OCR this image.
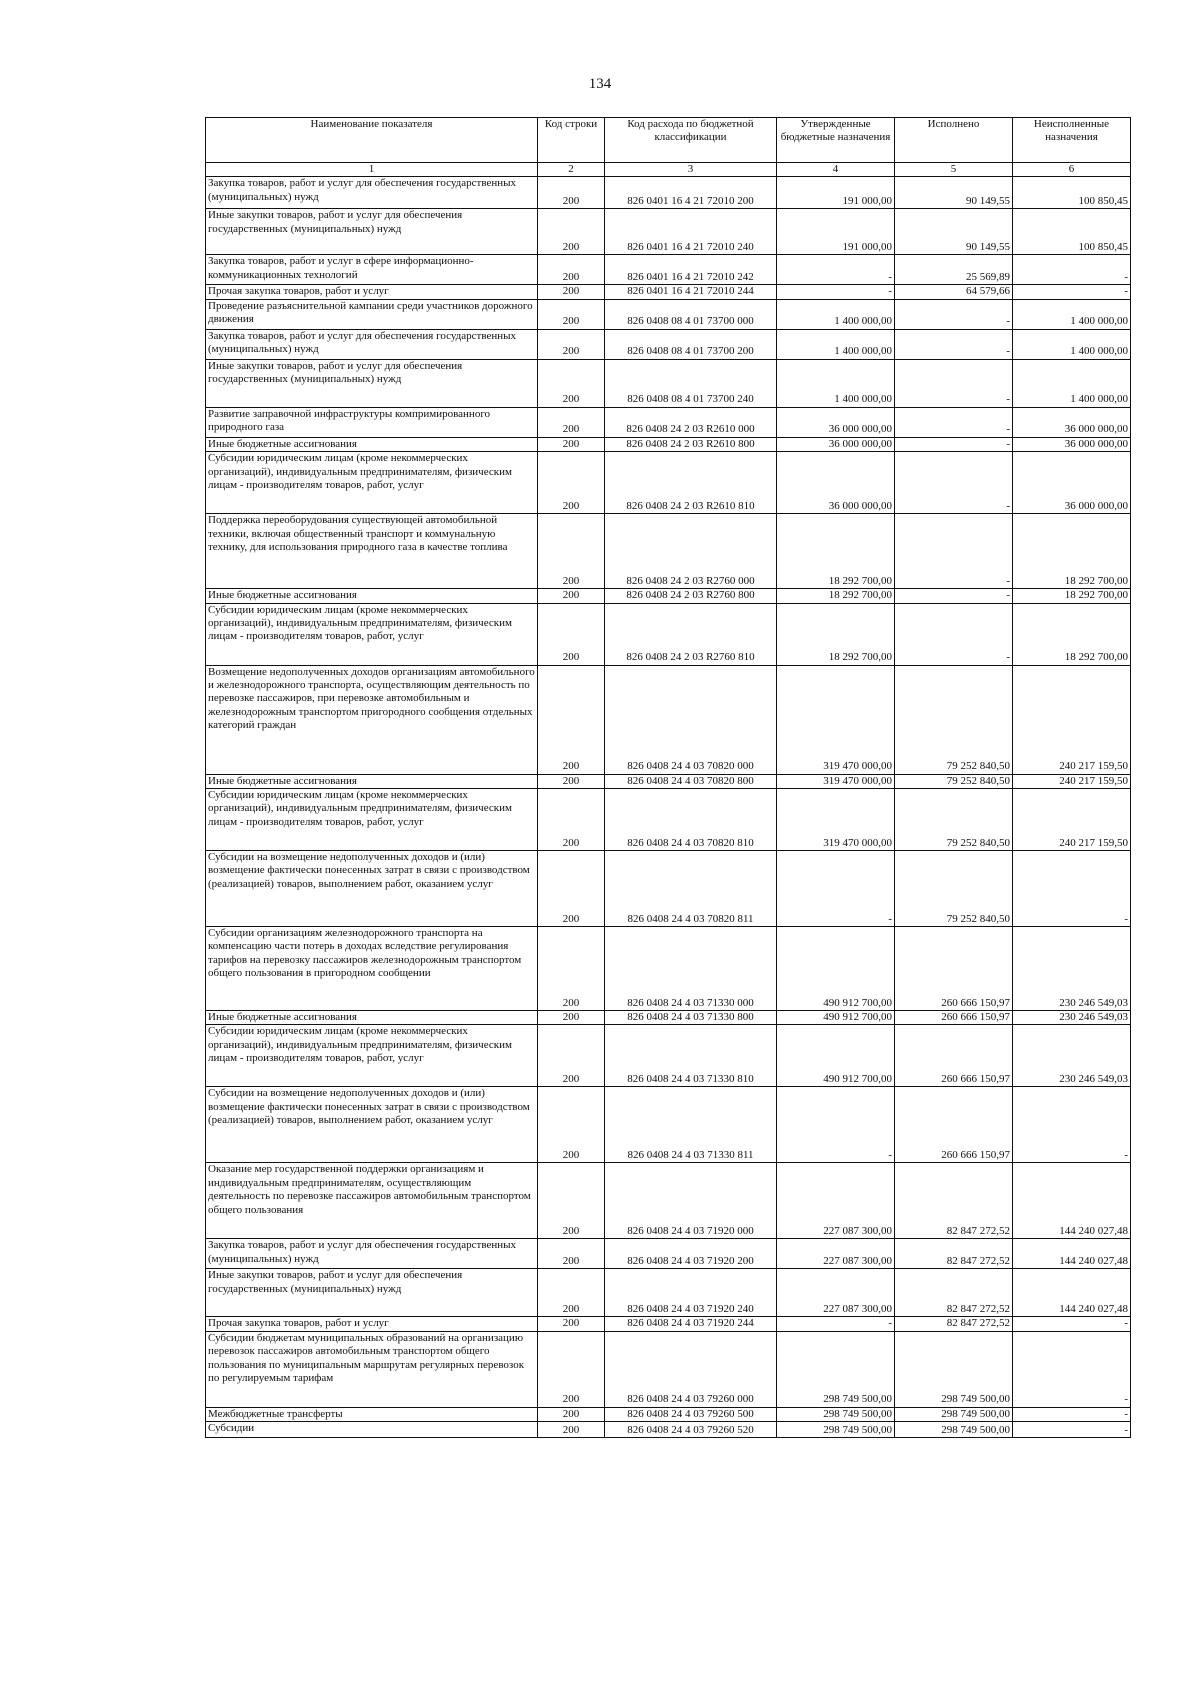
134
Наименование показателя	Код строки	Код расхода по бюджетной классификации	Утвержденные бюджетные назначения	Исполнено	Неисполненные назначения
1	2	3	4	5	6
Закупка товаров, работ и услуг для обеспечения государственных (муниципальных) нужд	200	826 0401 16 4 21 72010 200	191 000,00	90 149,55	100 850,45
Иные закупки товаров, работ и услуг для обеспечения государственных (муниципальных) нужд	200	826 0401 16 4 21 72010 240	191 000,00	90 149,55	100 850,45
Закупка товаров, работ и услуг в сфере информационно-коммуникационных технологий	200	826 0401 16 4 21 72010 242	-	25 569,89	-
Прочая закупка товаров, работ и услуг	200	826 0401 16 4 21 72010 244	-	64 579,66	-
Проведение разъяснительной кампании среди участников дорожного движения	200	826 0408 08 4 01 73700 000	1 400 000,00	-	1 400 000,00
Закупка товаров, работ и услуг для обеспечения государственных (муниципальных) нужд	200	826 0408 08 4 01 73700 200	1 400 000,00	-	1 400 000,00
Иные закупки товаров, работ и услуг для обеспечения государственных (муниципальных) нужд	200	826 0408 08 4 01 73700 240	1 400 000,00	-	1 400 000,00
Развитие заправочной инфраструктуры компримированного природного газа	200	826 0408 24 2 03 R2610 000	36 000 000,00	-	36 000 000,00
Иные бюджетные ассигнования	200	826 0408 24 2 03 R2610 800	36 000 000,00	-	36 000 000,00
Субсидии юридическим лицам (кроме некоммерческих организаций), индивидуальным предпринимателям, физическим лицам - производителям товаров, работ, услуг	200	826 0408 24 2 03 R2610 810	36 000 000,00	-	36 000 000,00
Поддержка переоборудования существующей автомобильной техники, включая общественный транспорт и коммунальную технику, для использования природного газа в качестве топлива	200	826 0408 24 2 03 R2760 000	18 292 700,00	-	18 292 700,00
Иные бюджетные ассигнования	200	826 0408 24 2 03 R2760 800	18 292 700,00	-	18 292 700,00
Субсидии юридическим лицам (кроме некоммерческих организаций), индивидуальным предпринимателям, физическим лицам - производителям товаров, работ, услуг	200	826 0408 24 2 03 R2760 810	18 292 700,00	-	18 292 700,00
Возмещение недополученных доходов организациям автомобильного и железнодорожного транспорта, осуществляющим деятельность по перевозке пассажиров, при перевозке автомобильным и железнодорожным транспортом пригородного сообщения отдельных категорий граждан	200	826 0408 24 4 03 70820 000	319 470 000,00	79 252 840,50	240 217 159,50
Иные бюджетные ассигнования	200	826 0408 24 4 03 70820 800	319 470 000,00	79 252 840,50	240 217 159,50
Субсидии юридическим лицам (кроме некоммерческих организаций), индивидуальным предпринимателям, физическим лицам - производителям товаров, работ, услуг	200	826 0408 24 4 03 70820 810	319 470 000,00	79 252 840,50	240 217 159,50
Субсидии на возмещение недополученных доходов и (или) возмещение фактически понесенных затрат в связи с производством (реализацией) товаров, выполнением работ, оказанием услуг	200	826 0408 24 4 03 70820 811	-	79 252 840,50	-
Субсидии организациям железнодорожного транспорта на компенсацию части потерь в доходах вследствие регулирования тарифов на перевозку пассажиров железнодорожным транспортом общего пользования в пригородном сообщении	200	826 0408 24 4 03 71330 000	490 912 700,00	260 666 150,97	230 246 549,03
Иные бюджетные ассигнования	200	826 0408 24 4 03 71330 800	490 912 700,00	260 666 150,97	230 246 549,03
Субсидии юридическим лицам (кроме некоммерческих организаций), индивидуальным предпринимателям, физическим лицам - производителям товаров, работ, услуг	200	826 0408 24 4 03 71330 810	490 912 700,00	260 666 150,97	230 246 549,03
Субсидии на возмещение недополученных доходов и (или) возмещение фактически понесенных затрат в связи с производством (реализацией) товаров, выполнением работ, оказанием услуг	200	826 0408 24 4 03 71330 811	-	260 666 150,97	-
Оказание мер государственной поддержки организациям и индивидуальным предпринимателям, осуществляющим деятельность по перевозке пассажиров автомобильным транспортом общего пользования	200	826 0408 24 4 03 71920 000	227 087 300,00	82 847 272,52	144 240 027,48
Закупка товаров, работ и услуг для обеспечения государственных (муниципальных) нужд	200	826 0408 24 4 03 71920 200	227 087 300,00	82 847 272,52	144 240 027,48
Иные закупки товаров, работ и услуг для обеспечения государственных (муниципальных) нужд	200	826 0408 24 4 03 71920 240	227 087 300,00	82 847 272,52	144 240 027,48
Прочая закупка товаров, работ и услуг	200	826 0408 24 4 03 71920 244	-	82 847 272,52	-
Субсидии бюджетам муниципальных образований на организацию перевозок пассажиров автомобильным транспортом общего пользования по муниципальным маршрутам регулярных перевозок по регулируемым тарифам	200	826 0408 24 4 03 79260 000	298 749 500,00	298 749 500,00	-
Межбюджетные трансферты	200	826 0408 24 4 03 79260 500	298 749 500,00	298 749 500,00	-
Субсидии	200	826 0408 24 4 03 79260 520	298 749 500,00	298 749 500,00	-
